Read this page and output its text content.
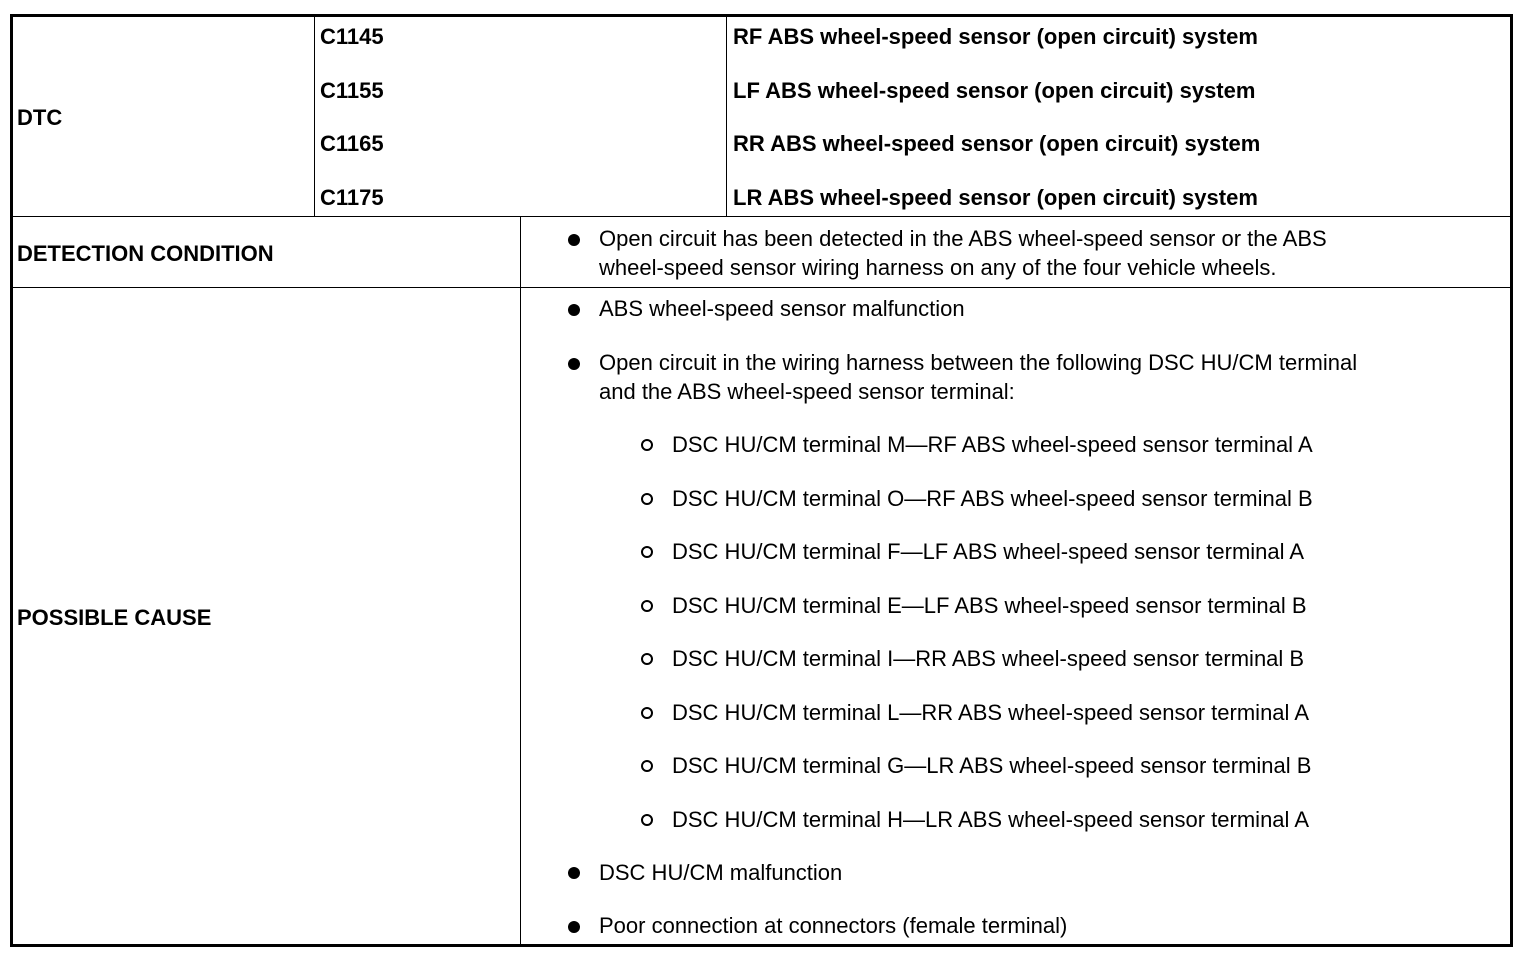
DTC
C1145	RF ABS wheel-speed sensor (open circuit) system
C1155	LF ABS wheel-speed sensor (open circuit) system
C1165	RR ABS wheel-speed sensor (open circuit) system
C1175	LR ABS wheel-speed sensor (open circuit) system
DETECTION CONDITION
Open circuit has been detected in the ABS wheel-speed sensor or the ABS
wheel-speed sensor wiring harness on any of the four vehicle wheels.
POSSIBLE CAUSE
ABS wheel-speed sensor malfunction
Open circuit in the wiring harness between the following DSC HU/CM terminal
and the ABS wheel-speed sensor terminal:
DSC HU/CM terminal M—RF ABS wheel-speed sensor terminal A
DSC HU/CM terminal O—RF ABS wheel-speed sensor terminal B
DSC HU/CM terminal F—LF ABS wheel-speed sensor terminal A
DSC HU/CM terminal E—LF ABS wheel-speed sensor terminal B
DSC HU/CM terminal I—RR ABS wheel-speed sensor terminal B
DSC HU/CM terminal L—RR ABS wheel-speed sensor terminal A
DSC HU/CM terminal G—LR ABS wheel-speed sensor terminal B
DSC HU/CM terminal H—LR ABS wheel-speed sensor terminal A
DSC HU/CM malfunction
Poor connection at connectors (female terminal)
